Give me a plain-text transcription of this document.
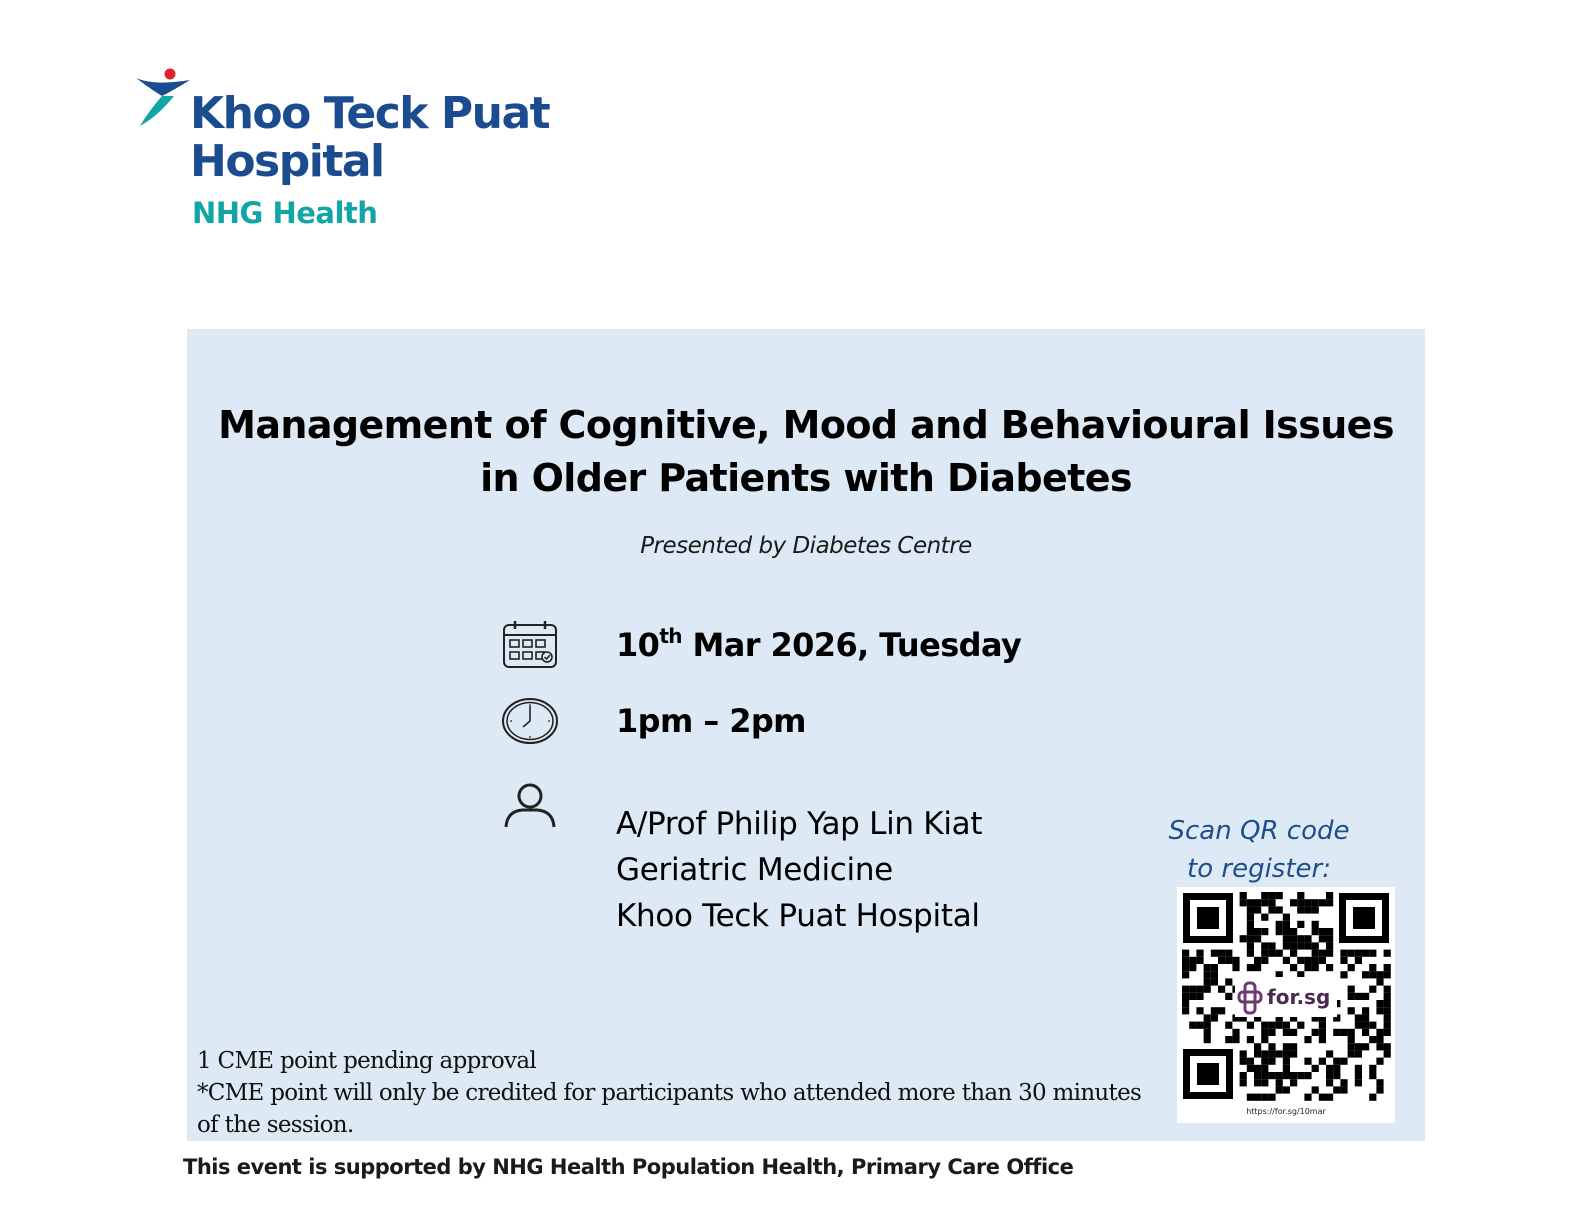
Khoo Teck Puat
Hospital
NHG Health
Management of Cognitive, Mood and Behavioural Issues
in Older Patients with Diabetes
Presented by Diabetes Centre
10th Mar 2026, Tuesday
1pm – 2pm
A/Prof Philip Yap Lin Kiat
Geriatric Medicine
Khoo Teck Puat Hospital
Scan QR code
to register:
for.sg
https://for.sg/10mar
1 CME point pending approval
*CME point will only be credited for participants who attended more than 30 minutes
of the session.
This event is supported by NHG Health Population Health, Primary Care Office
